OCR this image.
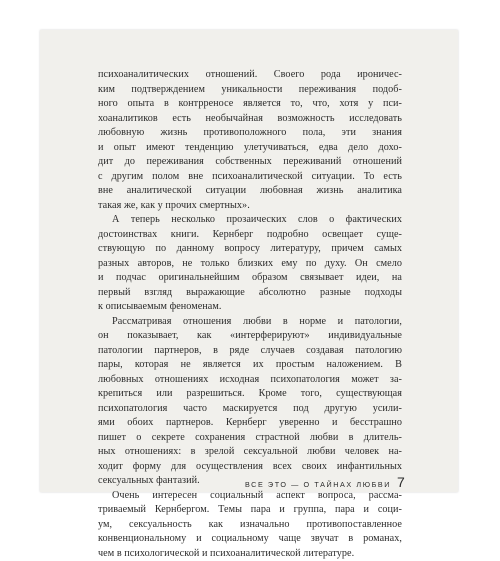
психоаналитических отношений. Своего рода ироничес-
ким подтверждением уникальности переживания подоб-
ного опыта в контрреносе является то, что, хотя у пси-
хоаналитиков есть необычайная возможность исследовать
любовную жизнь противоположного пола, эти знания
и опыт имеют тенденцию улетучиваться, едва дело дохо-
дит до переживания собственных переживаний отношений
с другим полом вне психоаналитической ситуации. То есть
вне аналитической ситуации любовная жизнь аналитика
такая же, как у прочих смертных».
А теперь несколько прозаических слов о фактических
достоинствах книги. Кернберг подробно освещает суще-
ствующую по данному вопросу литературу, причем самых
разных авторов, не только близких ему по духу. Он смело
и подчас оригинальнейшим образом связывает идеи, на
первый взгляд выражающие абсолютно разные подходы
к описываемым феноменам.
Рассматривая отношения любви в норме и патологии,
он показывает, как «интерферируют» индивидуальные
патологии партнеров, в ряде случаев создавая патологию
пары, которая не является их простым наложением. В
любовных отношениях исходная психопатология может за-
крепиться или разрешиться. Кроме того, существующая
психопатология часто маскируется под другую усили-
ями обоих партнеров. Кернберг уверенно и бесстрашно
пишет о секрете сохранения страстной любви в длитель-
ных отношениях: в зрелой сексуальной любви человек на-
ходит форму для осуществления всех своих инфантильных
сексуальных фантазий.
Очень интересен социальный аспект вопроса, рассма-
триваемый Кернбергом. Темы пара и группа, пара и соци-
ум, сексуальность как изначально противопоставленное
конвенциональному и социальному чаще звучат в романах,
чем в психологической и психоаналитической литературе.
ВСЕ ЭТО — О ТАЙНАХ ЛЮБВИ 7
